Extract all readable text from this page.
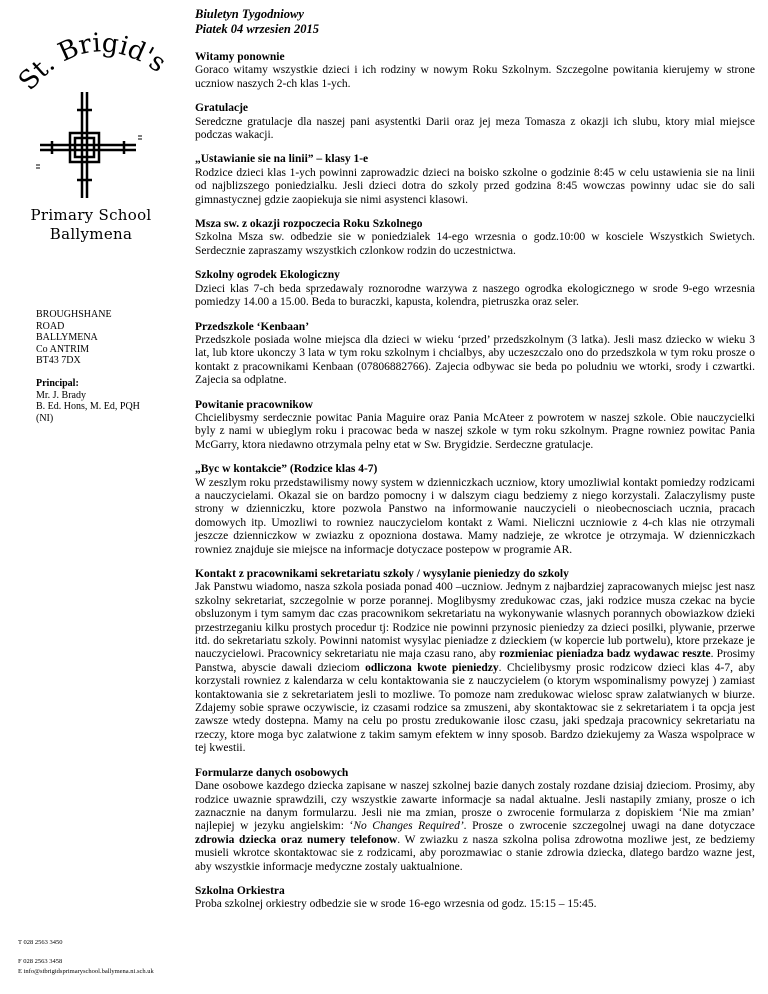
St. Brigid'
Primary School
Ballymena
BROUGHSHANE
ROAD
BALLYMENA
Co ANTRIM
BT43 7DX
Principal:
Mr. J. Brady
B. Ed. Hons, M. Ed, PQH
(NI)
T 028 2563 3450
F 028 2563 3458
E info@stbrigidsprimaryschool.ballymena.ni.sch.uk
Biuletyn Tygodniowy
Piatek 04 wrzesien 2015
Witamy ponownie

Goraco witamy wszystkie dzieci i ich rodziny w nowym Roku Szkolnym. Szczegolne powitania kierujemy w strone uczniow naszych 2-ch klas 1-ych.

Gratulacje

Seredczne gratulacje dla naszej pani asystentki Darii oraz jej meza Tomasza z okazji ich slubu, ktory mial miejsce podczas wakacji.

„Ustawianie sie na linii” – klasy 1-e

Rodzice dzieci klas 1-ych powinni zaprowadzic dzieci na boisko szkolne o godzinie 8:45 w celu ustawienia sie na linii od najblizszego poniedzialku. Jesli dzieci dotra do szkoly przed godzina 8:45 wowczas powinny udac sie do sali gimnastycznej gdzie zaopiekuja sie nimi asystenci klasowi.

Msza sw. z okazji rozpoczecia Roku Szkolnego

Szkolna Msza sw. odbedzie sie w poniedzialek 14-ego wrzesnia o godz.10:00 w kosciele Wszystkich Swietych. Serdecznie zapraszamy wszystkich czlonkow rodzin do uczestnictwa.

Szkolny ogrodek Ekologiczny

Dzieci klas 7-ch beda sprzedawaly roznorodne warzywa z naszego ogrodka ekologicznego w srode 9-ego wrzesnia pomiedzy 14.00 a 15.00. Beda to buraczki, kapusta, kolendra, pietruszka oraz seler.

Przedszkole ‘Kenbaan’

Przedszkole posiada wolne miejsca dla dzieci w wieku ‘przed’ przedszkolnym (3 latka). Jesli masz dziecko w wieku 3 lat, lub ktore ukonczy 3 lata w tym roku szkolnym i chcialbys, aby uczeszczalo ono do przedszkola w tym roku prosze o kontakt z pracownikami Kenbaan (07806882766). Zajecia odbywac sie beda po poludniu we wtorki, srody i czwartki. Zajecia sa odplatne.

Powitanie pracownikow

Chcielibysmy serdecznie powitac Pania Maguire oraz Pania McAteer z powrotem w naszej szkole. Obie nauczycielki byly z nami w ubieglym roku i pracowac beda w naszej szkole w tym roku szkolnym. Pragne rowniez powitac Pania McGarry, ktora niedawno otrzymala pelny etat w Sw. Brygidzie. Serdeczne gratulacje.

„Byc w kontakcie” (Rodzice klas 4-7)

W zeszlym roku przedstawilismy nowy system w dzienniczkach uczniow, ktory umozliwial kontakt pomiedzy rodzicami a nauczycielami. Okazal sie on bardzo pomocny i w dalszym ciagu bedziemy z niego korzystali. Zalaczylismy puste strony w dzienniczku, ktore pozwola Panstwo na informowanie nauczycieli o nieobecnosciach ucznia, pracach domowych itp. Umozliwi to rowniez nauczycielom kontakt z Wami. Nieliczni uczniowie z 4-ch klas nie otrzymali jeszcze dzienniczkow w zwiazku z opozniona dostawa. Mamy nadzieje, ze wkrotce je otrzymaja. W dzienniczkach rowniez znajduje sie miejsce na informacje dotyczace postepow w programie AR.

Kontakt z pracownikami sekretariatu szkoly / wysylanie pieniedzy do szkoly

Jak Panstwu wiadomo, nasza szkola posiada ponad 400 –uczniow. Jednym z najbardziej zapracowanych miejsc jest nasz szkolny sekretariat, szczegolnie w porze porannej. Moglibysmy zredukowac czas, jaki rodzice musza czekac na bycie obsluzonym i tym samym dac czas pracownikom sekretariatu na wykonywanie wlasnych porannych obowiazkow dzieki przestrzeganiu kilku prostych procedur tj: Rodzice nie powinni przynosic pieniedzy za dzieci posilki, plywanie, przerwe itd. do sekretariatu szkoly. Powinni natomist wysylac pieniadze z dzieckiem (w kopercie lub portwelu), ktore przekaze je nauczycielowi. Pracownicy sekretariatu nie maja czasu rano, aby rozmieniac pieniadza badz wydawac reszte. Prosimy Panstwa, abyscie dawali dzieciom odliczona kwote pieniedzy. Chcielibysmy prosic rodzicow dzieci klas 4-7, aby korzystali rowniez z kalendarza w celu kontaktowania sie z nauczycielem (o ktorym wspominalismy powyzej ) zamiast kontaktowania sie z sekretariatem jesli to mozliwe. To pomoze nam zredukowac wielosc spraw zalatwianych w biurze. Zdajemy sobie sprawe oczywiscie, iz czasami rodzice sa zmuszeni, aby skontaktowac sie z sekretariatem i ta opcja jest zawsze wtedy dostepna. Mamy na celu po prostu zredukowanie ilosc czasu, jaki spedzaja pracownicy sekretariatu na rzeczy, ktore moga byc zalatwione z takim samym efektem w inny sposob. Bardzo dziekujemy za Wasza wspolprace w tej kwestii.

Formularze danych osobowych

Dane osobowe kazdego dziecka zapisane w naszej szkolnej bazie danych zostaly rozdane dzisiaj dzieciom. Prosimy, aby rodzice uwaznie sprawdzili, czy wszystkie zawarte informacje sa nadal aktualne. Jesli nastapily zmiany, prosze o ich zaznacznie na danym formularzu. Jesli nie ma zmian, prosze o zwrocenie formularza z dopiskiem ‘Nie ma zmian’ najlepiej w jezyku angielskim: ‘No Changes Required’. Prosze o zwrocenie szczegolnej uwagi na dane dotyczace zdrowia dziecka oraz numery telefonow. W zwiazku z nasza szkolna polisa zdrowotna mozliwe jest, ze bedziemy musieli wkrotce skontaktowac sie z rodzicami, aby porozmawiac o stanie zdrowia dziecka, dlatego bardzo wazne jest, aby wszystkie informacje medyczne zostaly uaktualnione.

Szkolna Orkiestra

Proba szkolnej orkiestry odbedzie sie w srode 16-ego wrzesnia od godz. 15:15 – 15:45.
